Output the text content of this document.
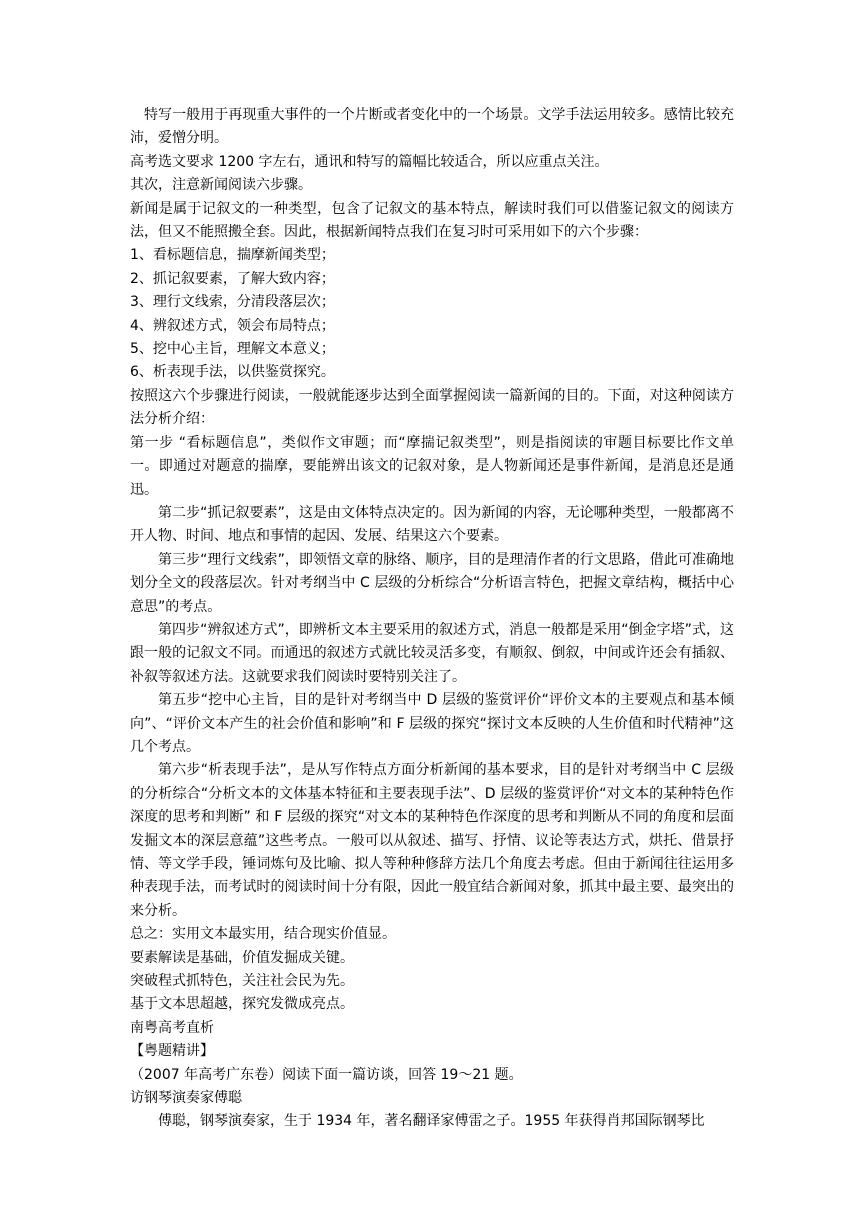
特写一般用于再现重大事件的一个片断或者变化中的一个场景。文学手法运用较多。感情比较充沛，爱憎分明。

高考选文要求 1200 字左右，通讯和特写的篇幅比较适合，所以应重点关注。

其次，注意新闻阅读六步骤。

新闻是属于记叙文的一种类型，包含了记叙文的基本特点，解读时我们可以借鉴记叙文的阅读方法，但又不能照搬全套。因此，根据新闻特点我们在复习时可采用如下的六个步骤：

1、看标题信息，揣摩新闻类型；

2、抓记叙要素，了解大致内容；

3、理行文线索，分清段落层次；

4、辨叙述方式，领会布局特点；

5、挖中心主旨，理解文本意义；

6、析表现手法，以供鉴赏探究。

按照这六个步骤进行阅读，一般就能逐步达到全面掌握阅读一篇新闻的目的。下面，对这种阅读方法分析介绍：

第一步 “看标题信息”，类似作文审题；而“摩揣记叙类型”，则是指阅读的审题目标要比作文单一。即通过对题意的揣摩，要能辨出该文的记叙对象，是人物新闻还是事件新闻，是消息还是通迅。

第二步“抓记叙要素”，这是由文体特点决定的。因为新闻的内容，无论哪种类型，一般都离不开人物、时间、地点和事情的起因、发展、结果这六个要素。

第三步“理行文线索”，即领悟文章的脉络、顺序，目的是理清作者的行文思路，借此可准确地划分全文的段落层次。针对考纲当中 C 层级的分析综合“分析语言特色，把握文章结构，概括中心意思”的考点。

第四步“辨叙述方式”，即辨析文本主要采用的叙述方式，消息一般都是采用“倒金字塔”式，这跟一般的记叙文不同。而通迅的叙述方式就比较灵活多变，有顺叙、倒叙，中间或许还会有插叙、补叙等叙述方法。这就要求我们阅读时要特别关注了。

第五步“挖中心主旨，目的是针对考纲当中 D 层级的鉴赏评价“评价文本的主要观点和基本倾向”、“评价文本产生的社会价值和影响”和 F 层级的探究“探讨文本反映的人生价值和时代精神”这几个考点。

第六步“析表现手法”，是从写作特点方面分析新闻的基本要求，目的是针对考纲当中 C 层级的分析综合“分析文本的文体基本特征和主要表现手法”、D 层级的鉴赏评价“对文本的某种特色作深度的思考和判断” 和 F 层级的探究“对文本的某种特色作深度的思考和判断从不同的角度和层面发掘文本的深层意蕴”这些考点。一般可以从叙述、描写、抒情、议论等表达方式，烘托、借景抒情、等文学手段，锤词炼句及比喻、拟人等种种修辞方法几个角度去考虑。但由于新闻往往运用多种表现手法，而考试时的阅读时间十分有限，因此一般宜结合新闻对象，抓其中最主要、最突出的来分析。

总之：实用文本最实用，结合现实价值显。

要素解读是基础，价值发掘成关键。

突破程式抓特色，关注社会民为先。

基于文本思超越，探究发微成亮点。

南粤高考直析

【粤题精讲】

（2007 年高考广东卷）阅读下面一篇访谈，回答 19～21 题。

访钢琴演奏家傅聪

傅聪，钢琴演奏家，生于 1934 年，著名翻译家傅雷之子。1955 年获得肖邦国际钢琴比
